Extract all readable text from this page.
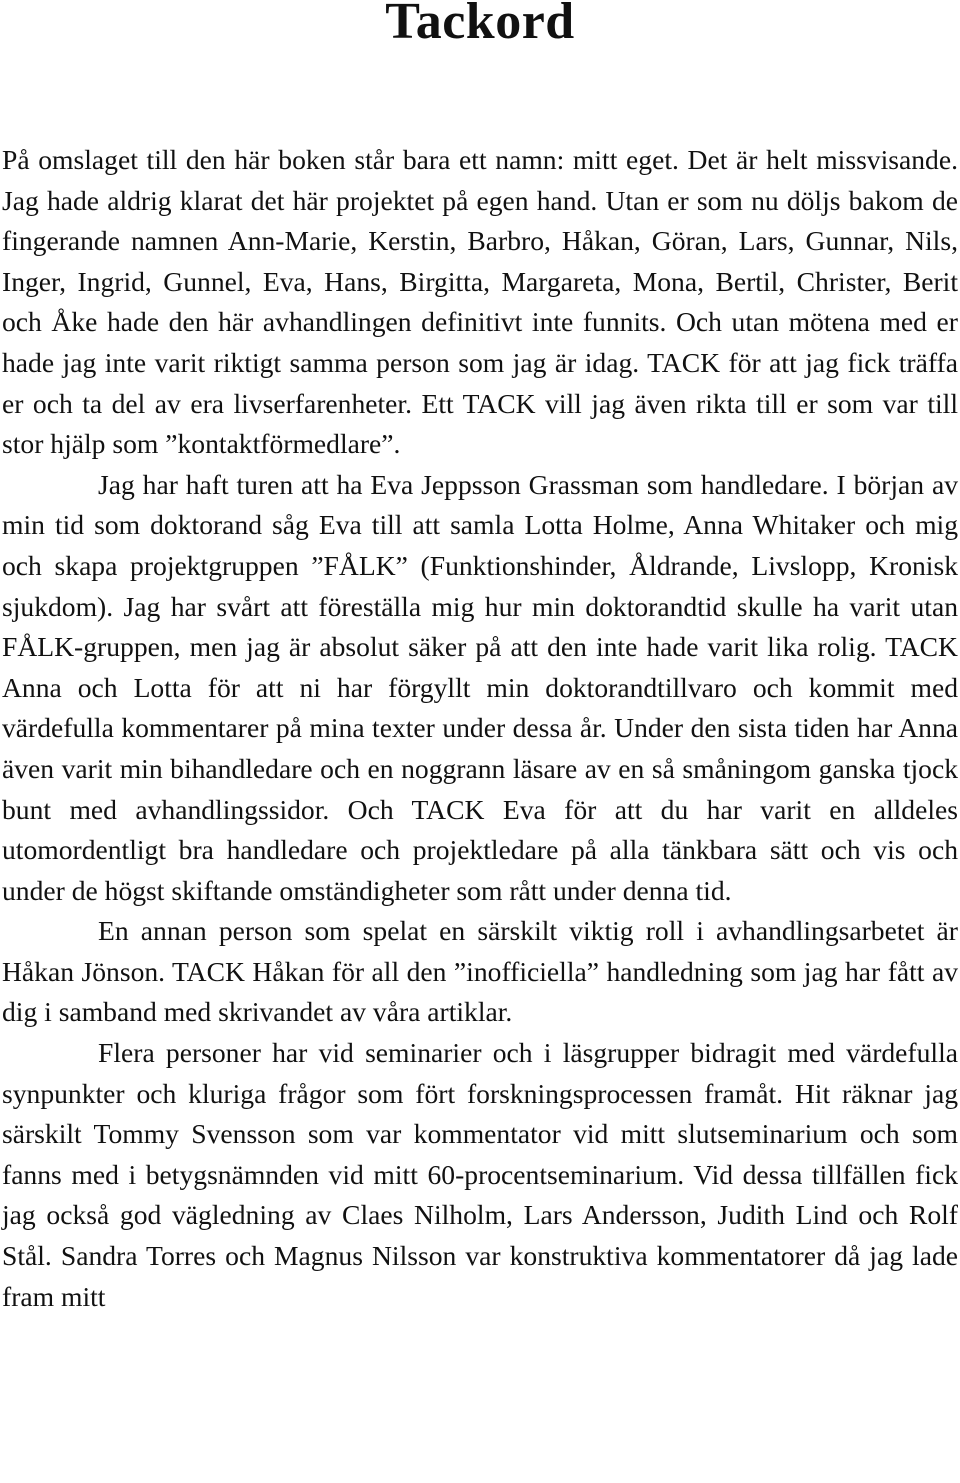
Tackord

På omslaget till den här boken står bara ett namn: mitt eget. Det är helt missvisande. Jag hade aldrig klarat det här projektet på egen hand. Utan er som nu döljs bakom de fingerande namnen Ann-Marie, Kerstin, Barbro, Håkan, Göran, Lars, Gunnar, Nils, Inger, Ingrid, Gunnel, Eva, Hans, Birgitta, Margareta, Mona, Bertil, Christer, Berit och Åke hade den här avhandlingen definitivt inte funnits. Och utan mötena med er hade jag inte varit riktigt samma person som jag är idag. TACK för att jag fick träffa er och ta del av era livserfarenheter. Ett TACK vill jag även rikta till er som var till stor hjälp som ”kontaktförmedlare”.

Jag har haft turen att ha Eva Jeppsson Grassman som handledare. I början av min tid som doktorand såg Eva till att samla Lotta Holme, Anna Whitaker och mig och skapa projektgruppen ”FÅLK” (Funktionshinder, Åldrande, Livslopp, Kronisk sjukdom). Jag har svårt att föreställa mig hur min doktorandtid skulle ha varit utan FÅLK-gruppen, men jag är absolut säker på att den inte hade varit lika rolig. TACK Anna och Lotta för att ni har förgyllt min doktorandtillvaro och kommit med värdefulla kommentarer på mina texter under dessa år. Under den sista tiden har Anna även varit min bihandledare och en noggrann läsare av en så småningom ganska tjock bunt med avhandlingssidor. Och TACK Eva för att du har varit en alldeles utomordentligt bra handledare och projektledare på alla tänkbara sätt och vis och under de högst skiftande omständigheter som rått under denna tid.

En annan person som spelat en särskilt viktig roll i avhandlingsarbetet är Håkan Jönson. TACK Håkan för all den ”inofficiella” handledning som jag har fått av dig i samband med skrivandet av våra artiklar.

Flera personer har vid seminarier och i läsgrupper bidragit med värdefulla synpunkter och kluriga frågor som fört forskningsprocessen framåt. Hit räknar jag särskilt Tommy Svensson som var kommentator vid mitt slutseminarium och som fanns med i betygsnämnden vid mitt 60-procentseminarium. Vid dessa tillfällen fick jag också god vägledning av Claes Nilholm, Lars Andersson, Judith Lind och Rolf Stål. Sandra Torres och Magnus Nilsson var konstruktiva kommentatorer då jag lade fram mitt
